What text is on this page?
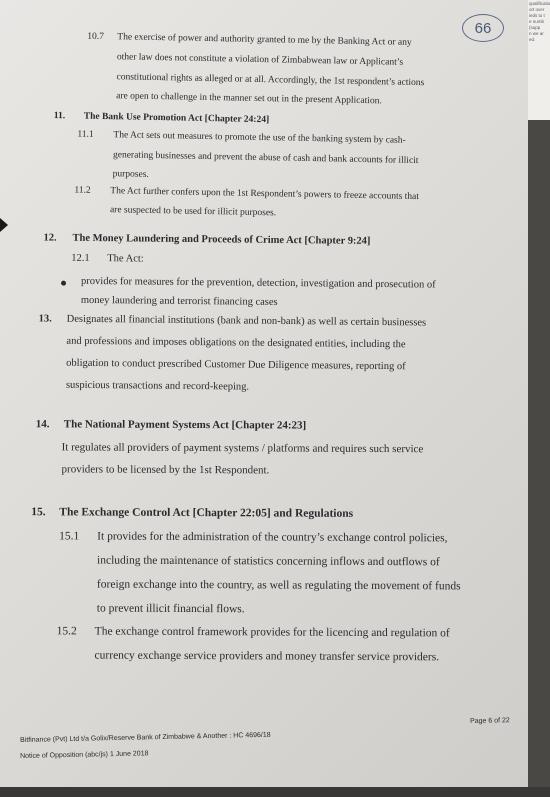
66
10.7 The exercise of power and authority granted to me by the Banking Act or any
other law does not constitute a violation of Zimbabwean law or Applicant’s
constitutional rights as alleged or at all. Accordingly, the 1st respondent’s actions
are open to challenge in the manner set out in the present Application.
11. The Bank Use Promotion Act [Chapter 24:24]
11.1 The Act sets out measures to promote the use of the banking system by cash-
generating businesses and prevent the abuse of cash and bank accounts for illicit
purposes.
11.2 The Act further confers upon the 1st Respondent’s powers to freeze accounts that
are suspected to be used for illicit purposes.
12. The Money Laundering and Proceeds of Crime Act [Chapter 9:24]
12.1 The Act:
provides for measures for the prevention, detection, investigation and prosecution of
money laundering and terrorist financing cases
13. Designates all financial institutions (bank and non-bank) as well as certain businesses
and professions and imposes obligations on the designated entities, including the
obligation to conduct prescribed Customer Due Diligence measures, reporting of
suspicious transactions and record-keeping.
14. The National Payment Systems Act [Chapter 24:23]
It regulates all providers of payment systems / platforms and requires such service
providers to be licensed by the 1st Respondent.
15. The Exchange Control Act [Chapter 22:05] and Regulations
15.1 It provides for the administration of the country’s exchange control policies,
including the maintenance of statistics concerning inflows and outflows of
foreign exchange into the country, as well as regulating the movement of funds
to prevent illicit financial flows.
15.2 The exchange control framework provides for the licencing and regulation of
currency exchange service providers and money transfer service providers.
Bitfinance (Pvt) Ltd t/a Golix/Reserve Bank of Zimbabwe & Another : HC 4696/18
Notice of Opposition (abc/js) 1 June 2018
Page 6 of 22
qualificatio
ort over
ieds to t
e numb
(supp
n we ar
ed.
